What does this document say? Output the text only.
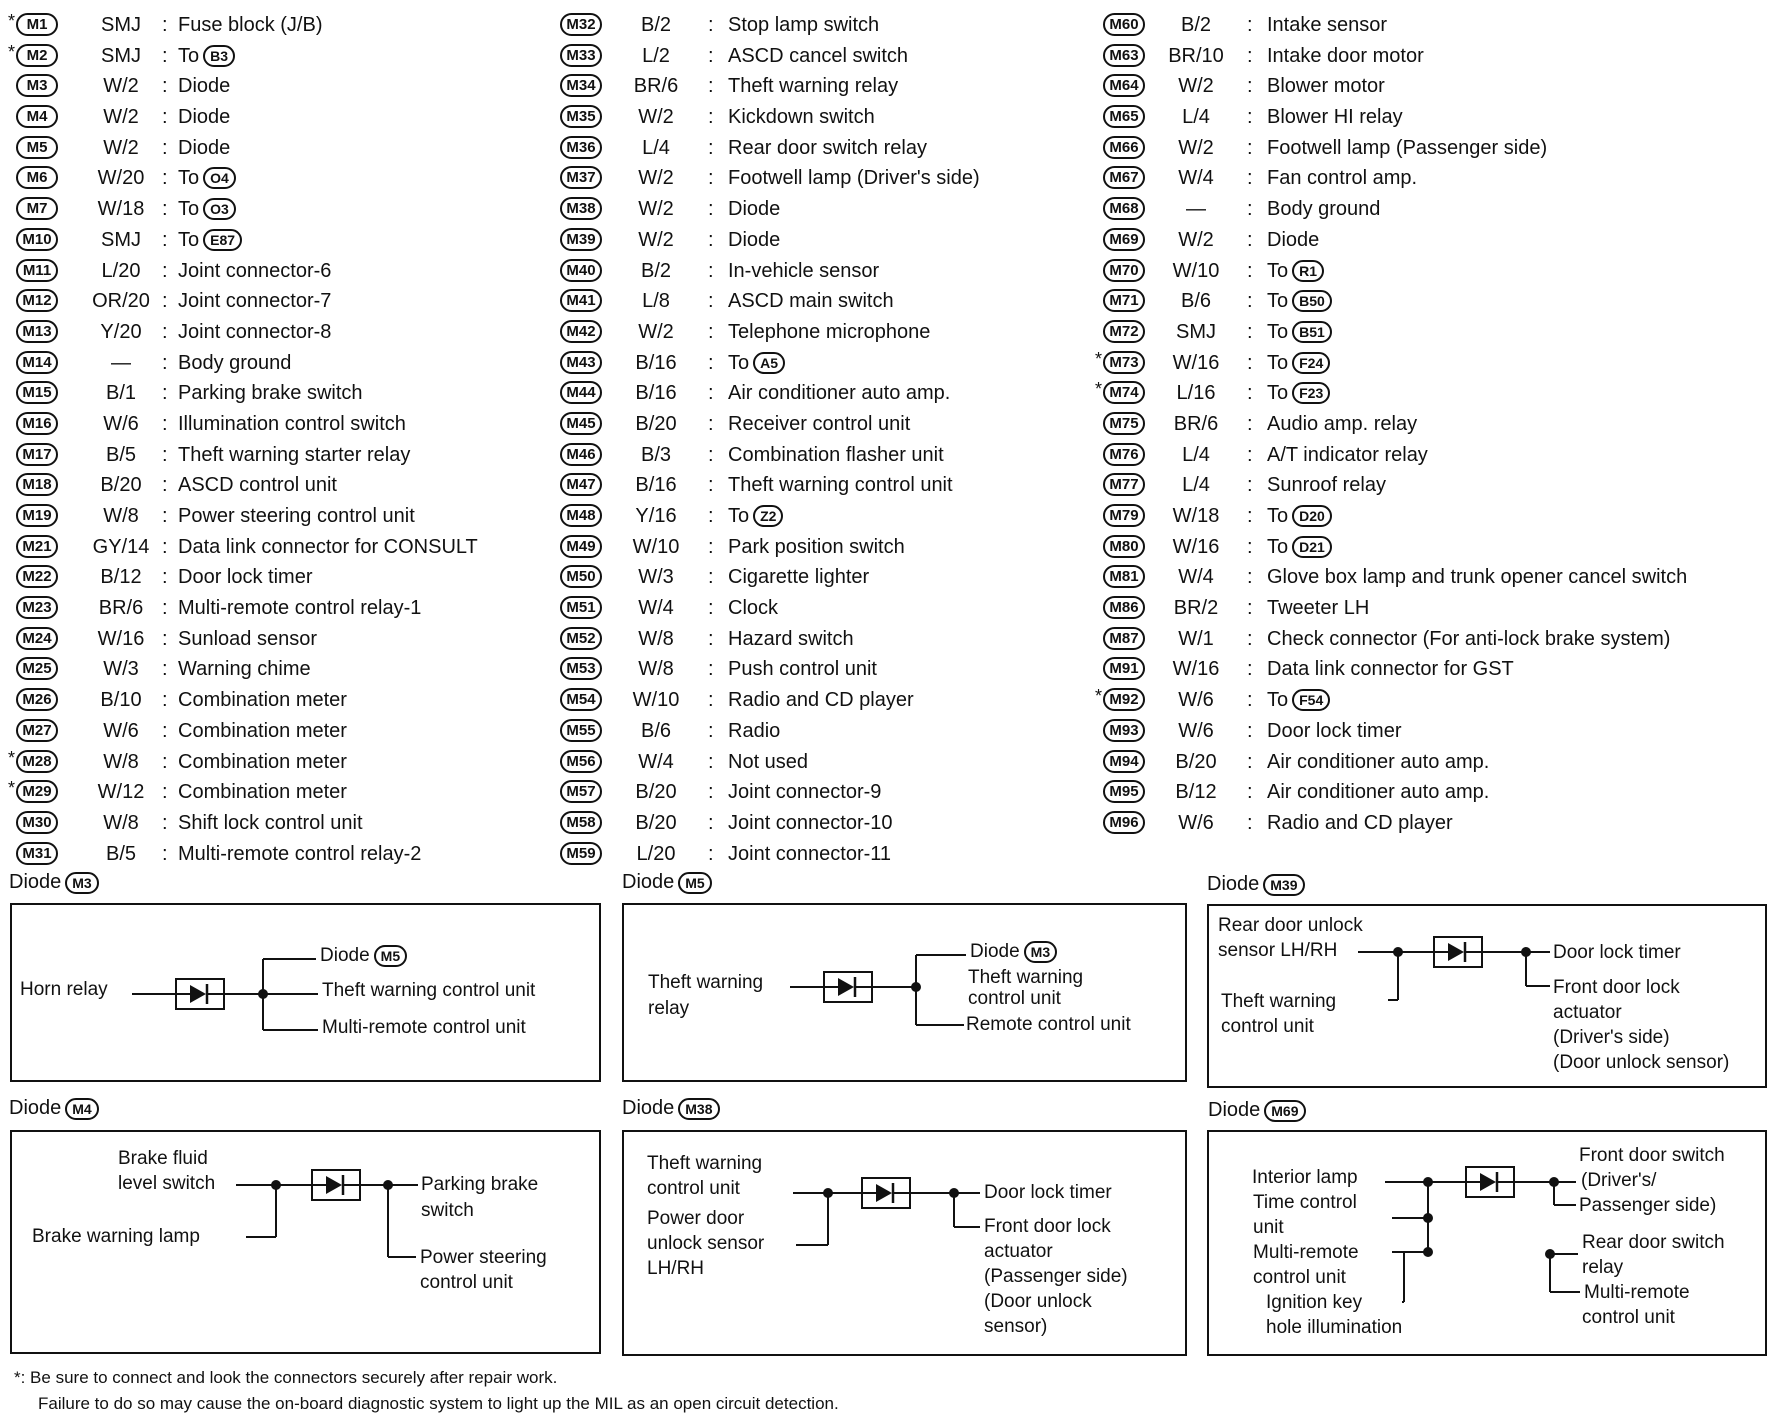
* M1	SMJ	: Fuse block (J/B)
* M2	SMJ	: To B3
M3	W/2	: Diode
M4	W/2	: Diode
M5	W/2	: Diode
M6	W/20 : To O4
M7	W/18 : To O3
M10	SMJ	: To E87
M11	L/20	: Joint connector-6
M12	OR/20 : Joint connector-7
M13	Y/20	: Joint connector-8
M14	—	: Body ground
M15	B/1	: Parking brake switch
M16	W/6	: Illumination control switch
M17	B/5	: Theft warning starter relay
M18	B/20	: ASCD control unit
M19	W/8	: Power steering control unit
M21	GY/14 : Data link connector for CONSULT
M22	B/12	: Door lock timer
M23	BR/6 : Multi-remote control relay-1
M24	W/16 : Sunload sensor
M25	W/3	: Warning chime
M26	B/10	: Combination meter
M27	W/6	: Combination meter
* M28	W/8	: Combination meter
* M29	W/12 : Combination meter
M30	W/8	: Shift lock control unit
M31	B/5	: Multi-remote control relay-2
M32	B/2	: Stop lamp switch
M33	L/2	: ASCD cancel switch
M34	BR/6	: Theft warning relay
M35	W/2	: Kickdown switch
M36	L/4	: Rear door switch relay
M37	W/2	: Footwell lamp (Driver's side)
M38	W/2	: Diode
M39	W/2	: Diode
M40	B/2	: In-vehicle sensor
M41	L/8	: ASCD main switch
M42	W/2	: Telephone microphone
M43	B/16	: To A5
M44	B/16	: Air conditioner auto amp.
M45	B/20	: Receiver control unit
M46	B/3	: Combination flasher unit
M47	B/16	: Theft warning control unit
M48	Y/16	: To Z2
M49	W/10	: Park position switch
M50	W/3	: Cigarette lighter
M51	W/4	: Clock
M52	W/8	: Hazard switch
M53	W/8	: Push control unit
M54	W/10	: Radio and CD player
M55	B/6	: Radio
M56	W/4	: Not used
M57	B/20	: Joint connector-9
M58	B/20	: Joint connector-10
M59	L/20	: Joint connector-11
M60	B/2	: Intake sensor
M63	BR/10	: Intake door motor
M64	W/2	: Blower motor
M65	L/4	: Blower HI relay
M66	W/2	: Footwell lamp (Passenger side)
M67	W/4	: Fan control amp.
M68	—	: Body ground
M69	W/2	: Diode
M70	W/10	: To R1
M71	B/6	: To B50
M72	SMJ	: To B51
* M73	W/16	: To F24
* M74	L/16	: To F23
M75	BR/6	: Audio amp. relay
M76	L/4	: A/T indicator relay
M77	L/4	: Sunroof relay
M79	W/18	: To D20
M80	W/16	: To D21
M81	W/4	: Glove box lamp and trunk opener cancel switch
M86	BR/2	: Tweeter LH
M87	W/1	: Check connector (For anti-lock brake system)
M91	W/16	: Data link connector for GST
* M92	W/6	: To F54
M93	W/6	: Door lock timer
M94	B/20	: Air conditioner auto amp.
M95	B/12	: Air conditioner auto amp.
M96	W/6	: Radio and CD player
Diode M3
Horn relay
Diode M5
Theft warning control unit
Multi-remote control unit
Diode M5
Theft warning
relay
Diode M3
Theft warning
control unit
Remote control unit
Diode M39
Rear door unlock
sensor LH/RH
Theft warning
control unit
Door lock timer
Front door lock
actuator
(Driver's side)
(Door unlock sensor)
Diode M4
Brake fluid
level switch
Brake warning lamp
Parking brake
switch
Power steering
control unit
Diode M38
Theft warning
control unit
Power door
unlock sensor
LH/RH
Door lock timer
Front door lock
actuator
(Passenger side)
(Door unlock
sensor)
Diode M69
Interior lamp
Time control
unit
Multi-remote
control unit
Ignition key
hole illumination
Front door switch
(Driver's/
Passenger side)
Rear door switch
relay
Multi-remote
control unit
*: Be sure to connect and look the connectors securely after repair work.
Failure to do so may cause the on-board diagnostic system to light up the MIL as an open circuit detection.
